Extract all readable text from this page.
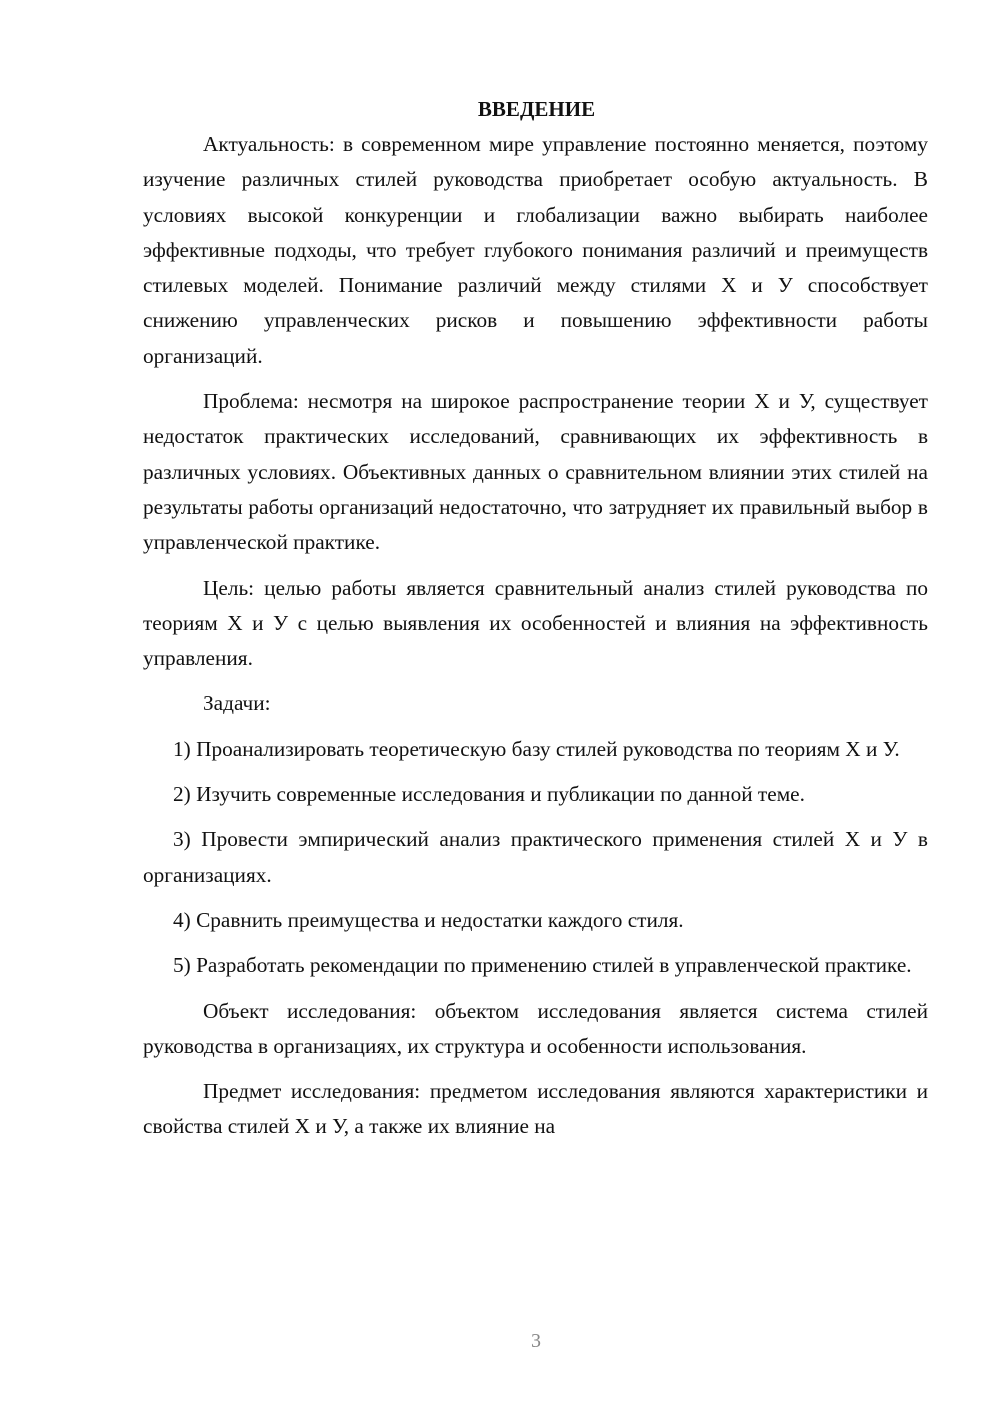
ВВЕДЕНИЕ

Актуальность: в современном мире управление постоянно меняется, поэтому изучение различных стилей руководства приобретает особую актуальность. В условиях высокой конкуренции и глобализации важно выбирать наиболее эффективные подходы, что требует глубокого понимания различий и преимуществ стилевых моделей. Понимание различий между стилями Х и У способствует снижению управленческих рисков и повышению эффективности работы организаций.

Проблема: несмотря на широкое распространение теории Х и У, существует недостаток практических исследований, сравнивающих их эффективность в различных условиях. Объективных данных о сравнительном влиянии этих стилей на результаты работы организаций недостаточно, что затрудняет их правильный выбор в управленческой практике.

Цель: целью работы является сравнительный анализ стилей руководства по теориям Х и У с целью выявления их особенностей и влияния на эффективность управления.

Задачи:

1) Проанализировать теоретическую базу стилей руководства по теориям Х и У.

2) Изучить современные исследования и публикации по данной теме.

3) Провести эмпирический анализ практического применения стилей Х и У в организациях.

4) Сравнить преимущества и недостатки каждого стиля.

5) Разработать рекомендации по применению стилей в управленческой практике.

Объект исследования: объектом исследования является система стилей руководства в организациях, их структура и особенности использования.

Предмет исследования: предметом исследования являются характеристики и свойства стилей Х и У, а также их влияние на

3
